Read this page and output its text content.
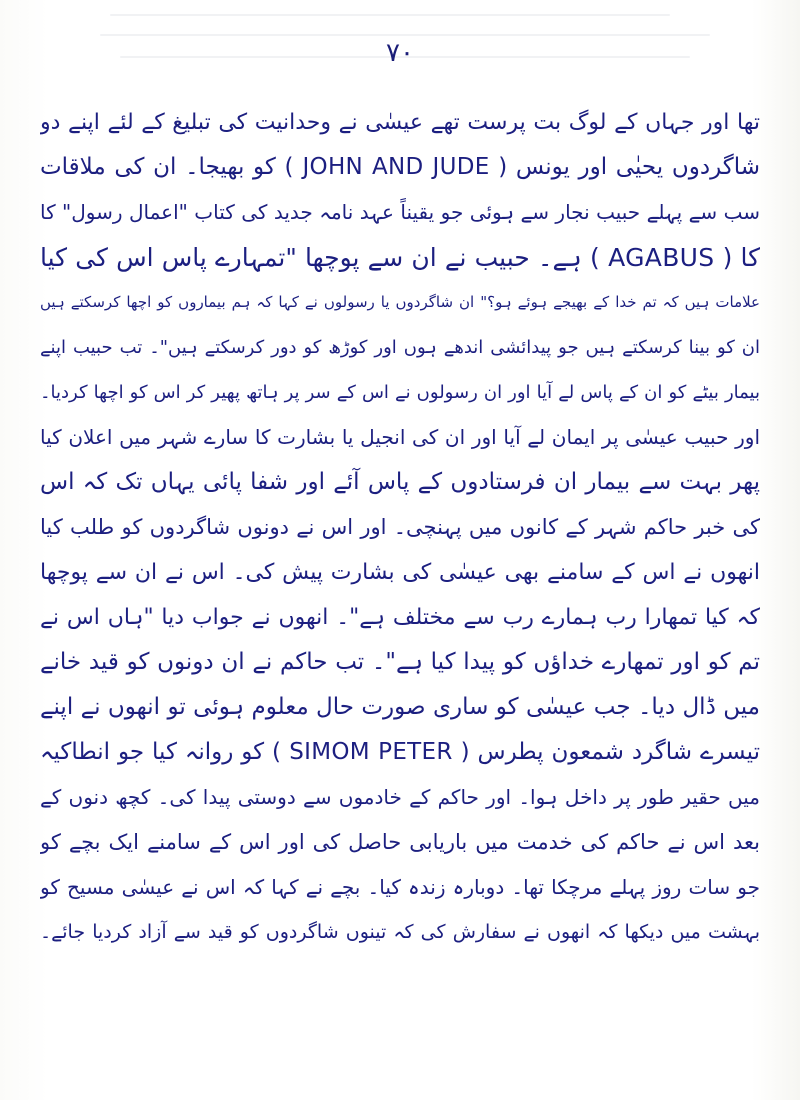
۷۰
تھا اور جہاں کے لوگ بت پرست تھے عیسٰی نے وحدانیت کی تبلیغ کے لئے اپنے دو
شاگردوں یحیٰی اور یونس ( JOHN AND JUDE ) کو بھیجا۔ ان کی ملاقات
سب سے پہلے حبیب نجار سے ہوئی جو یقیناً عہد نامہ جدید کی کتاب "اعمال رسول" کا
کا ( AGABUS ) ہے۔ حبیب نے ان سے پوچھا "تمہارے پاس اس کی کیا
علامات ہیں کہ تم خدا کے بھیجے ہوئے ہو؟" ان شاگردوں یا رسولوں نے کہا کہ ہم بیماروں کو اچھا کرسکتے ہیں
ان کو بینا کرسکتے ہیں جو پیدائشی اندھے ہوں اور کوڑھ کو دور کرسکتے ہیں"۔ تب حبیب اپنے
بیمار بیٹے کو ان کے پاس لے آیا اور ان رسولوں نے اس کے سر پر ہاتھ پھیر کر اس کو اچھا کردیا۔
اور حبیب عیسٰی پر ایمان لے آیا اور ان کی انجیل یا بشارت کا سارے شہر میں اعلان کیا
پھر بہت سے بیمار ان فرستادوں کے پاس آئے اور شفا پائی یہاں تک کہ اس
کی خبر حاکم شہر کے کانوں میں پہنچی۔ اور اس نے دونوں شاگردوں کو طلب کیا
انھوں نے اس کے سامنے بھی عیسٰی کی بشارت پیش کی۔ اس نے ان سے پوچھا
کہ کیا تمھارا رب ہمارے رب سے مختلف ہے"۔ انھوں نے جواب دیا "ہاں اس نے
تم کو اور تمھارے خداؤں کو پیدا کیا ہے"۔ تب حاکم نے ان دونوں کو قید خانے
میں ڈال دیا۔ جب عیسٰی کو ساری صورت حال معلوم ہوئی تو انھوں نے اپنے
تیسرے شاگرد شمعون پطرس ( SIMOM PETER ) کو روانہ کیا جو انطاکیہ
میں حقیر طور پر داخل ہوا۔ اور حاکم کے خادموں سے دوستی پیدا کی۔ کچھ دنوں کے
بعد اس نے حاکم کی خدمت میں باریابی حاصل کی اور اس کے سامنے ایک بچے کو
جو سات روز پہلے مرچکا تھا۔ دوبارہ زندہ کیا۔ بچے نے کہا کہ اس نے عیسٰی مسیح کو
بہشت میں دیکھا کہ انھوں نے سفارش کی کہ تینوں شاگردوں کو قید سے آزاد کردیا جائے۔
